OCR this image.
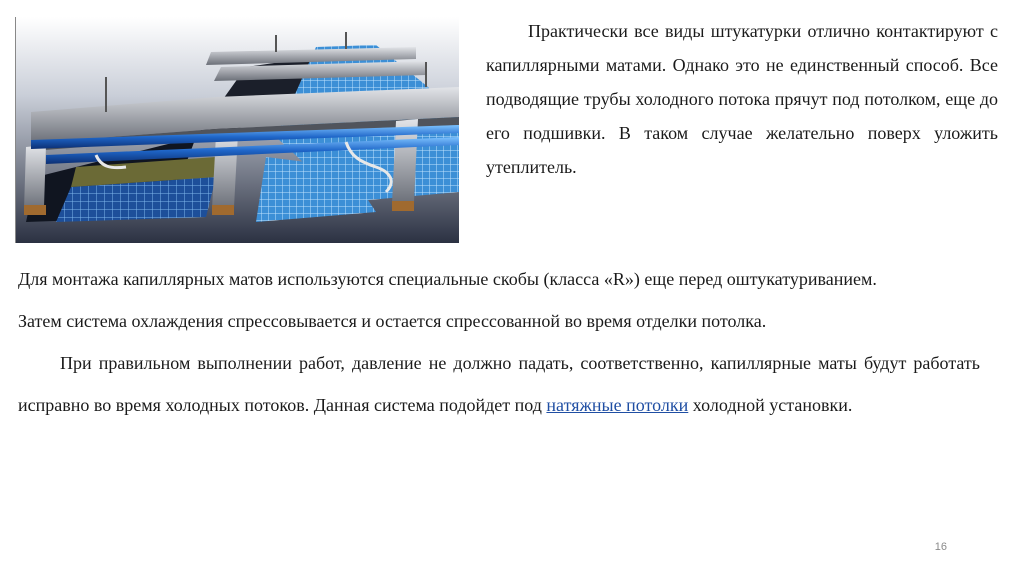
Практически все виды штукатурки отлично контактируют с капиллярными матами. Однако это не единственный способ. Все подводящие трубы холодного потока прячут под потолком, еще до его подшивки. В таком случае желательно поверх уложить утеплитель.

Для монтажа капиллярных матов используются специальные скобы (класса «R») еще перед оштукатуриванием.

Затем система охлаждения спрессовывается и остается спрессованной во время отделки потолка.

При правильном выполнении работ, давление не должно падать, соответственно, капиллярные маты будут работать исправно во время холодных потоков. Данная система подойдет под натяжные потолки холодной установки.

16
